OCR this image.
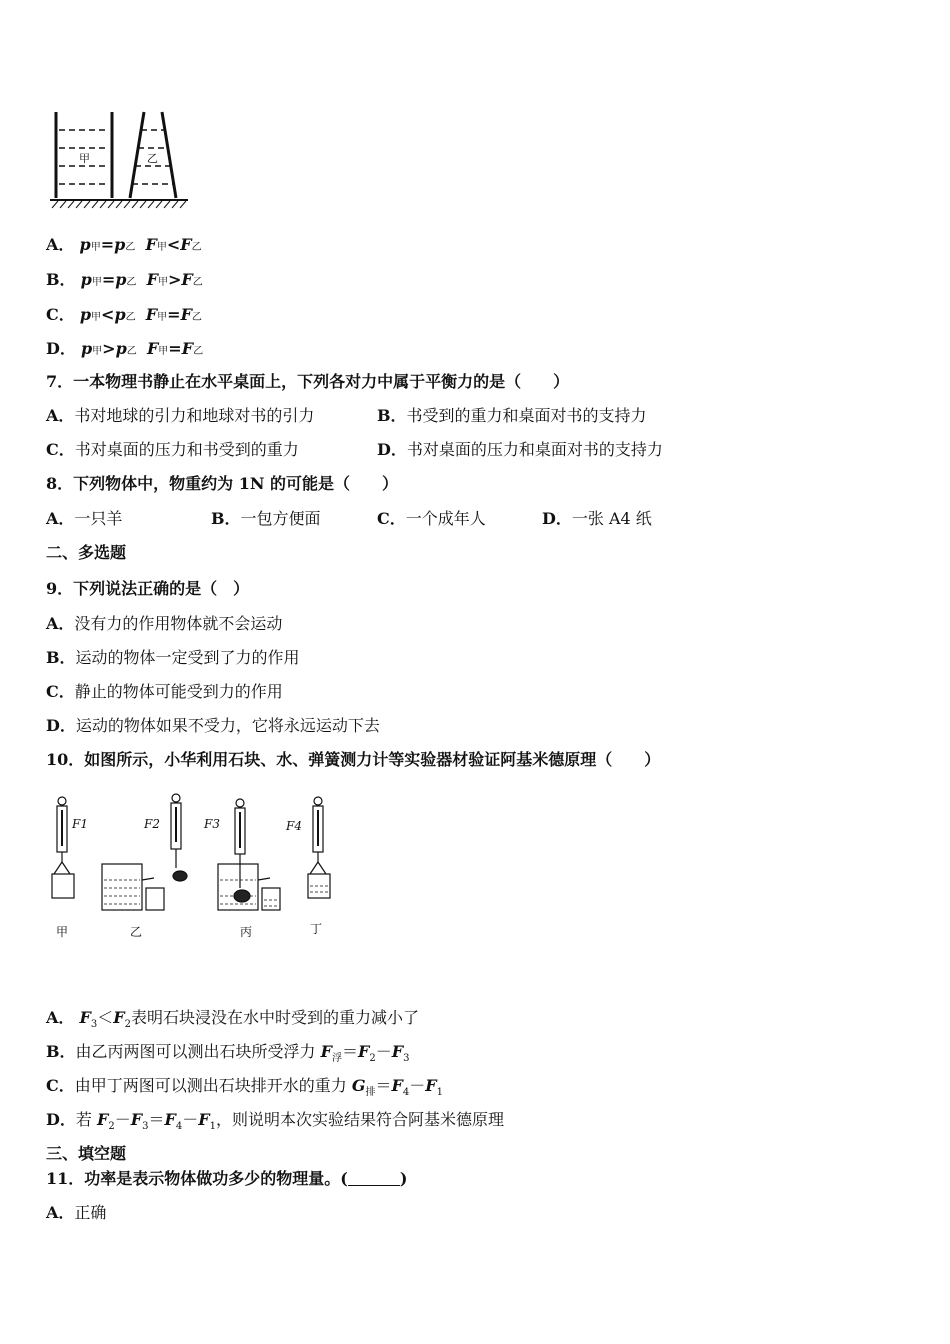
甲	乙
A． p甲=p乙 F甲<F乙
B． p甲=p乙 F甲>F乙
C． p甲<p乙 F甲=F乙
D． p甲>p乙 F甲=F乙
7．一本物理书静止在水平桌面上，下列各对力中属于平衡力的是（　　）
A．书对地球的引力和地球对书的引力	B．书受到的重力和桌面对书的支持力
C．书对桌面的压力和书受到的重力	D．书对桌面的压力和桌面对书的支持力
8．下列物体中，物重约为 1N 的可能是（　　）
A．一只羊	B．一包方便面	C．一个成年人	D．一张 A4 纸
二、多选题
9．下列说法正确的是（　）
A．没有力的作用物体就不会运动
B．运动的物体一定受到了力的作用
C．静止的物体可能受到力的作用
D．运动的物体如果不受力，它将永远运动下去
10．如图所示，小华利用石块、水、弹簧测力计等实验器材验证阿基米德原理（　　）
F1	F2	F3	F4
甲	乙	丙	丁
A． $F_3<F_2$表明石块浸没在水中时受到的重力减小了
B．由乙丙两图可以测出石块所受浮力 $F_浮=F_2-F_3$
C．由甲丁两图可以测出石块排开水的重力 $G_排=F_4-F_1$
D．若 $F_2-F_3=F_4-F_1$，则说明本次实验结果符合阿基米德原理
三、填空题
11．功率是表示物体做功多少的物理量。(	)
A．正确
